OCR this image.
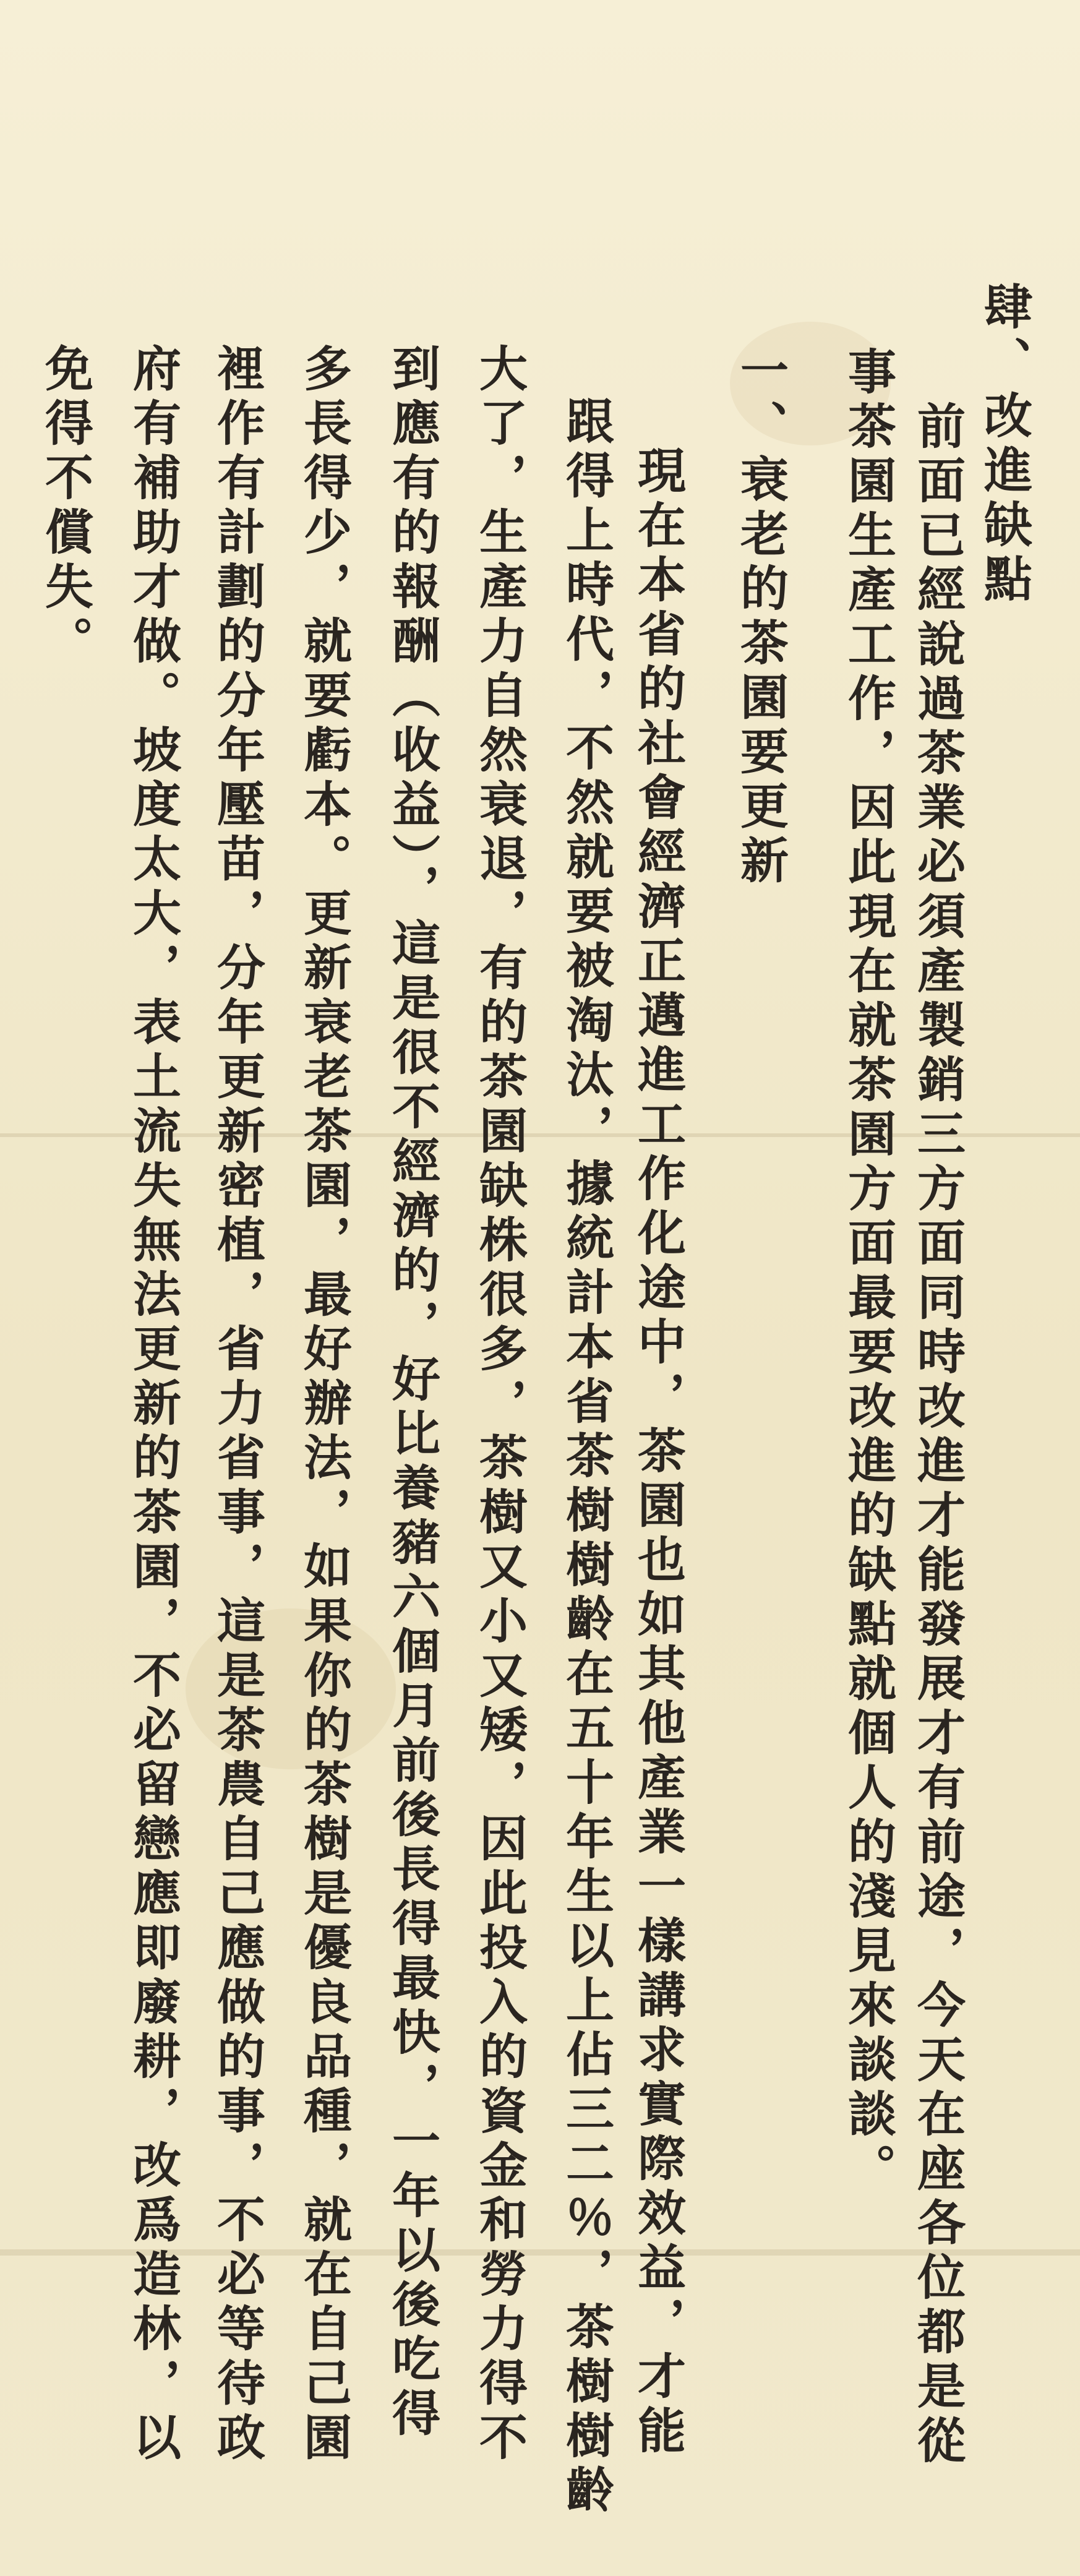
肆、改進缺點
前面已經說過茶業必須產製銷三方面同時改進才能發展才有前途，今天在座各位都是從
事茶園生產工作，因此現在就茶園方面最要改進的缺點就個人的淺見來談談。
一、衰老的茶園要更新
現在本省的社會經濟正邁進工作化途中，茶園也如其他產業一樣講求實際效益，才能
跟得上時代，不然就要被淘汰，據統計本省茶樹樹齡在五十年生以上佔三二％，茶樹樹齡
大了，生產力自然衰退，有的茶園缺株很多，茶樹又小又矮，因此投入的資金和勞力得不
到應有的報酬（收益），這是很不經濟的，好比養豬六個月前後長得最快，一年以後吃得
多長得少，就要虧本。更新衰老茶園，最好辦法，如果你的茶樹是優良品種，就在自己園
裡作有計劃的分年壓苗，分年更新密植，省力省事，這是茶農自己應做的事，不必等待政
府有補助才做。坡度太大，表土流失無法更新的茶園，不必留戀應即廢耕，改爲造林，以
免得不償失。
